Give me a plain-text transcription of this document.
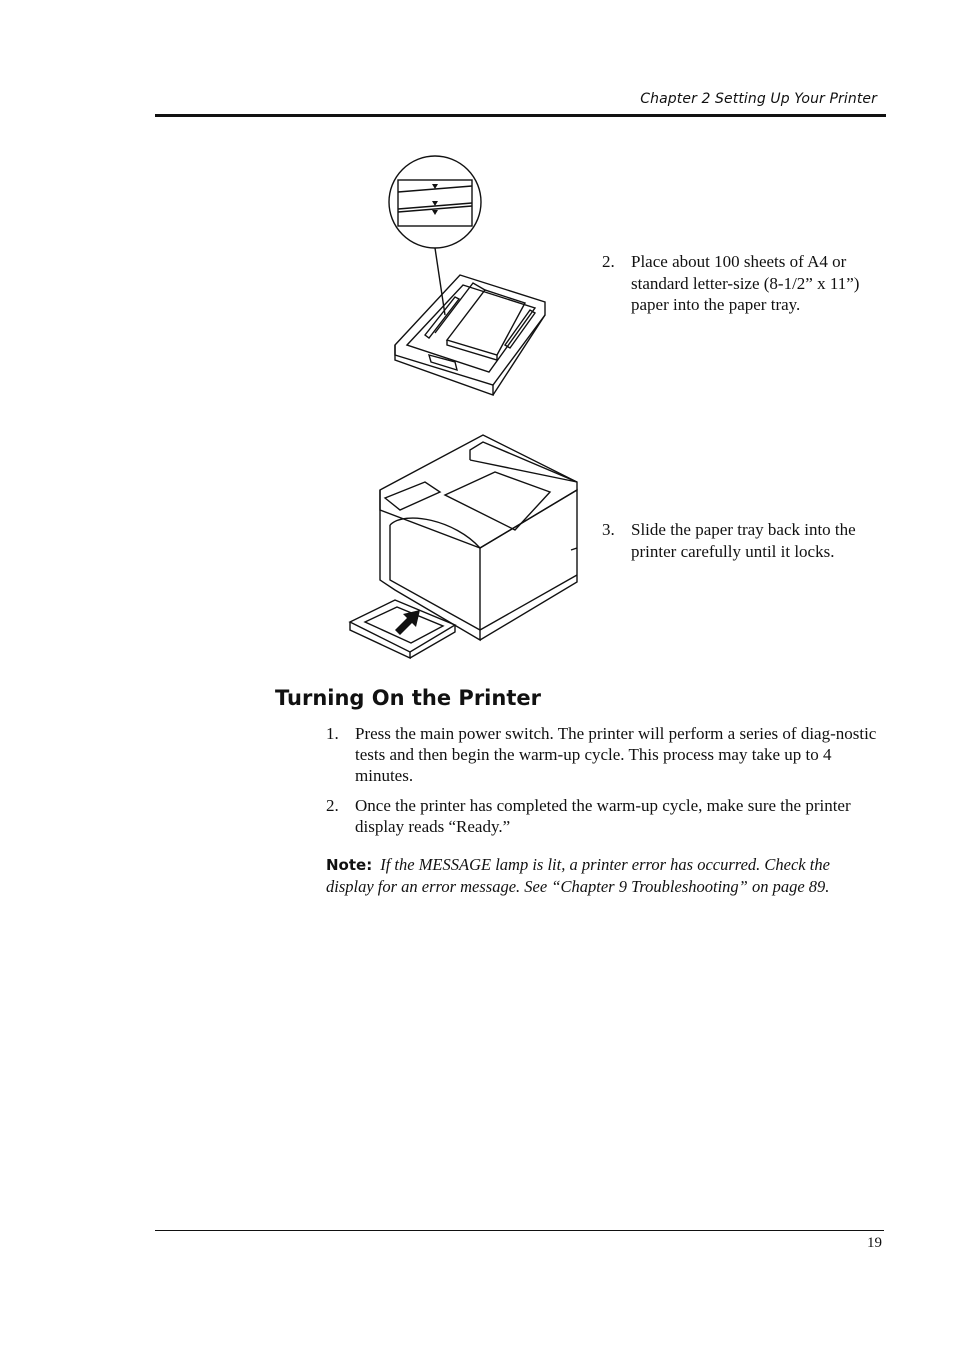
Chapter 2 Setting Up Your Printer
2. Place about 100 sheets of A4 or standard letter-size (8-1/2” x 11”) paper into the paper tray.
3. Slide the paper tray back into the printer carefully until it locks.
Turning On the Printer
1. Press the main power switch. The printer will perform a series of diag-nostic tests and then begin the warm-up cycle. This process may take up to 4 minutes.
2. Once the printer has completed the warm-up cycle, make sure the printer display reads “Ready.”
Note: If the MESSAGE lamp is lit, a printer error has occurred. Check the display for an error message. See “Chapter 9 Troubleshooting” on page 89.
19
